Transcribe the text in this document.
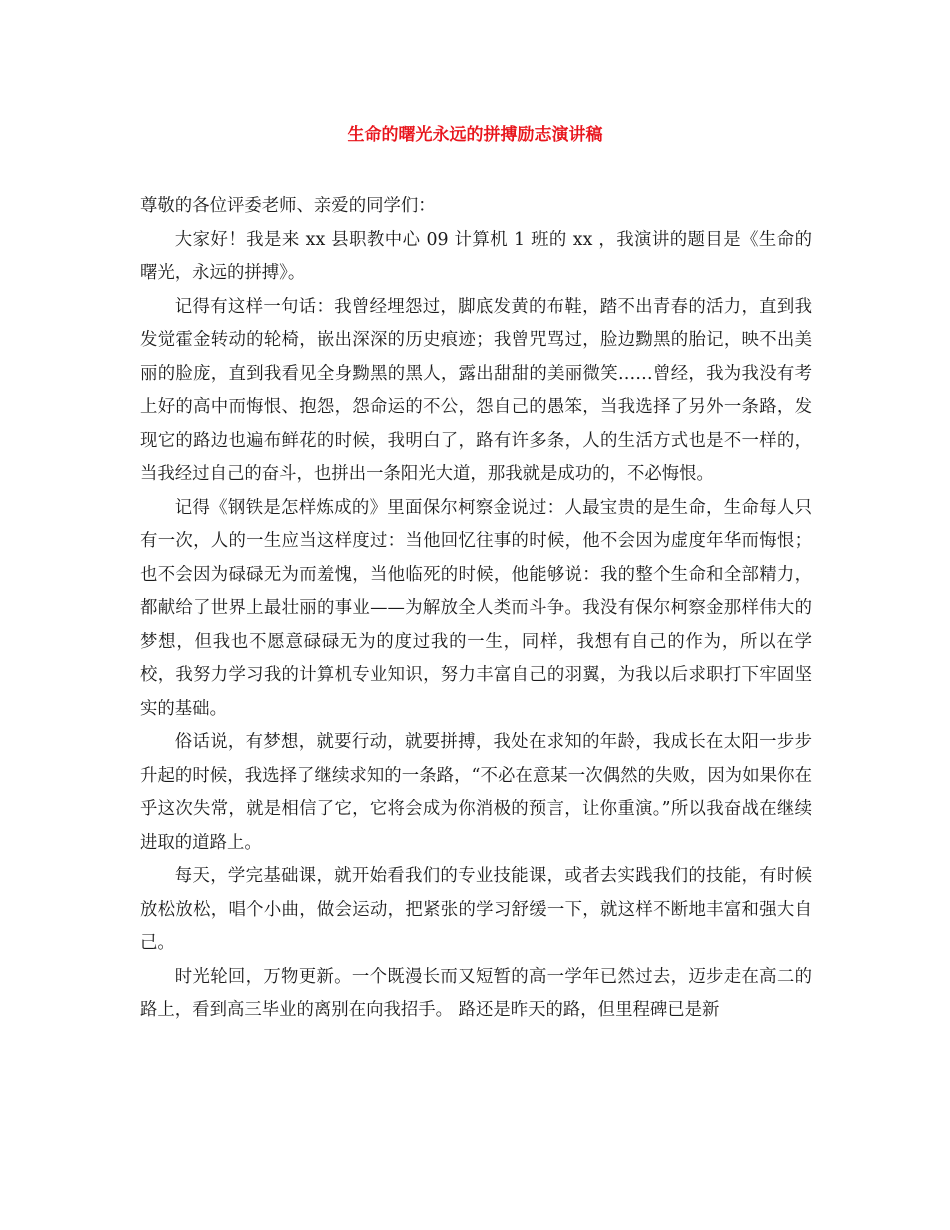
生命的曙光永远的拼搏励志演讲稿

尊敬的各位评委老师、亲爱的同学们：

大家好！我是来 xx 县职教中心 09 计算机 1 班的 xx ，我演讲的题目是《生命的曙光，永远的拼搏》。

记得有这样一句话：我曾经埋怨过，脚底发黄的布鞋，踏不出青春的活力，直到我发觉霍金转动的轮椅，嵌出深深的历史痕迹；我曾咒骂过，脸边黝黑的胎记，映不出美丽的脸庞，直到我看见全身黝黑的黑人，露出甜甜的美丽微笑……曾经，我为我没有考上好的高中而悔恨、抱怨，怨命运的不公，怨自己的愚笨，当我选择了另外一条路，发现它的路边也遍布鲜花的时候，我明白了，路有许多条，人的生活方式也是不一样的，当我经过自己的奋斗，也拼出一条阳光大道，那我就是成功的，不必悔恨。

记得《钢铁是怎样炼成的》里面保尔柯察金说过：人最宝贵的是生命，生命每人只有一次，人的一生应当这样度过：当他回忆往事的时候，他不会因为虚度年华而悔恨；也不会因为碌碌无为而羞愧，当他临死的时候，他能够说：我的整个生命和全部精力，都献给了世界上最壮丽的事业——为解放全人类而斗争。我没有保尔柯察金那样伟大的梦想，但我也不愿意碌碌无为的度过我的一生，同样，我想有自己的作为，所以在学校，我努力学习我的计算机专业知识，努力丰富自己的羽翼，为我以后求职打下牢固坚实的基础。

俗话说，有梦想，就要行动，就要拼搏，我处在求知的年龄，我成长在太阳一步步升起的时候，我选择了继续求知的一条路，“不必在意某一次偶然的失败，因为如果你在乎这次失常，就是相信了它，它将会成为你消极的预言，让你重演。”所以我奋战在继续进取的道路上。

每天，学完基础课，就开始看我们的专业技能课，或者去实践我们的技能，有时候放松放松，唱个小曲，做会运动，把紧张的学习舒缓一下，就这样不断地丰富和强大自己。

时光轮回，万物更新。一个既漫长而又短暂的高一学年已然过去，迈步走在高二的路上，看到高三毕业的离别在向我招手。 路还是昨天的路，但里程碑已是新
